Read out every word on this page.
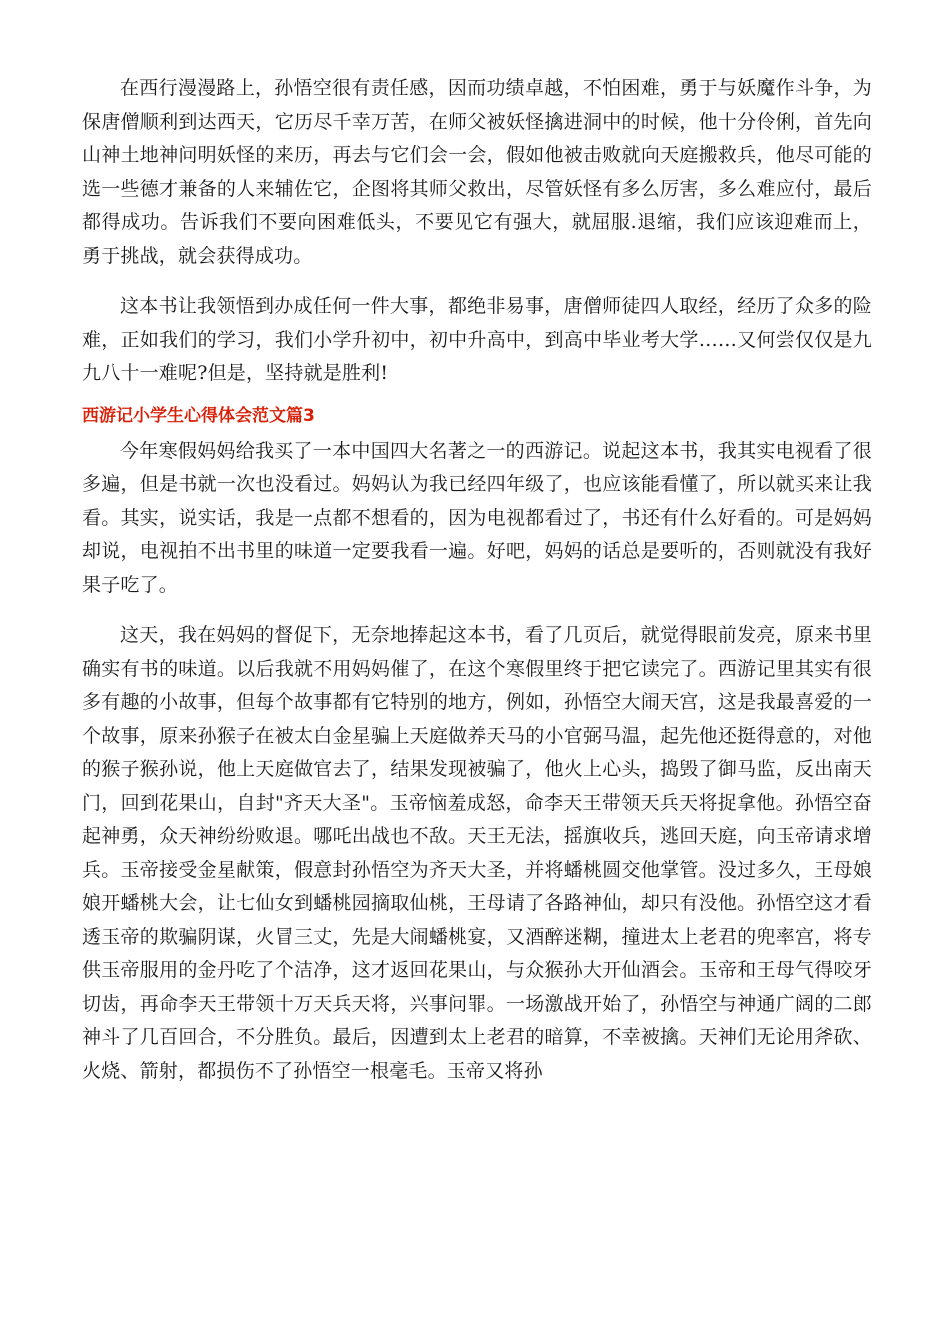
在西行漫漫路上，孙悟空很有责任感，因而功绩卓越，不怕困难，勇于与妖魔作斗争，为保唐僧顺利到达西天，它历尽千幸万苦，在师父被妖怪擒进洞中的时候，他十分伶俐，首先向山神土地神问明妖怪的来历，再去与它们会一会，假如他被击败就向天庭搬救兵，他尽可能的选一些德才兼备的人来辅佐它，企图将其师父救出，尽管妖怪有多么厉害，多么难应付，最后都得成功。告诉我们不要向困难低头，不要见它有强大，就屈服.退缩，我们应该迎难而上，勇于挑战，就会获得成功。

这本书让我领悟到办成任何一件大事，都绝非易事，唐僧师徒四人取经，经历了众多的险难，正如我们的学习，我们小学升初中，初中升高中，到高中毕业考大学……又何尝仅仅是九九八十一难呢?但是，坚持就是胜利!

西游记小学生心得体会范文篇3

今年寒假妈妈给我买了一本中国四大名著之一的西游记。说起这本书，我其实电视看了很多遍，但是书就一次也没看过。妈妈认为我已经四年级了，也应该能看懂了，所以就买来让我看。其实，说实话，我是一点都不想看的，因为电视都看过了，书还有什么好看的。可是妈妈却说，电视拍不出书里的味道一定要我看一遍。好吧，妈妈的话总是要听的，否则就没有我好果子吃了。

这天，我在妈妈的督促下，无奈地捧起这本书，看了几页后，就觉得眼前发亮，原来书里确实有书的味道。以后我就不用妈妈催了，在这个寒假里终于把它读完了。西游记里其实有很多有趣的小故事，但每个故事都有它特别的地方，例如，孙悟空大闹天宫，这是我最喜爱的一个故事，原来孙猴子在被太白金星骗上天庭做养天马的小官弼马温，起先他还挺得意的，对他的猴子猴孙说，他上天庭做官去了，结果发现被骗了，他火上心头，捣毁了御马监，反出南天门，回到花果山，自封"齐天大圣"。玉帝恼羞成怒，命李天王带领天兵天将捉拿他。孙悟空奋起神勇，众天神纷纷败退。哪吒出战也不敌。天王无法，摇旗收兵，逃回天庭，向玉帝请求增兵。玉帝接受金星献策，假意封孙悟空为齐天大圣，并将蟠桃圆交他掌管。没过多久，王母娘娘开蟠桃大会，让七仙女到蟠桃园摘取仙桃，王母请了各路神仙，却只有没他。孙悟空这才看透玉帝的欺骗阴谋，火冒三丈，先是大闹蟠桃宴，又酒醉迷糊，撞进太上老君的兜率宫，将专供玉帝服用的金丹吃了个洁净，这才返回花果山，与众猴孙大开仙酒会。玉帝和王母气得咬牙切齿，再命李天王带领十万天兵天将，兴事问罪。一场激战开始了，孙悟空与神通广阔的二郎神斗了几百回合，不分胜负。最后，因遭到太上老君的暗算，不幸被擒。天神们无论用斧砍、火烧、箭射，都损伤不了孙悟空一根毫毛。玉帝又将孙
